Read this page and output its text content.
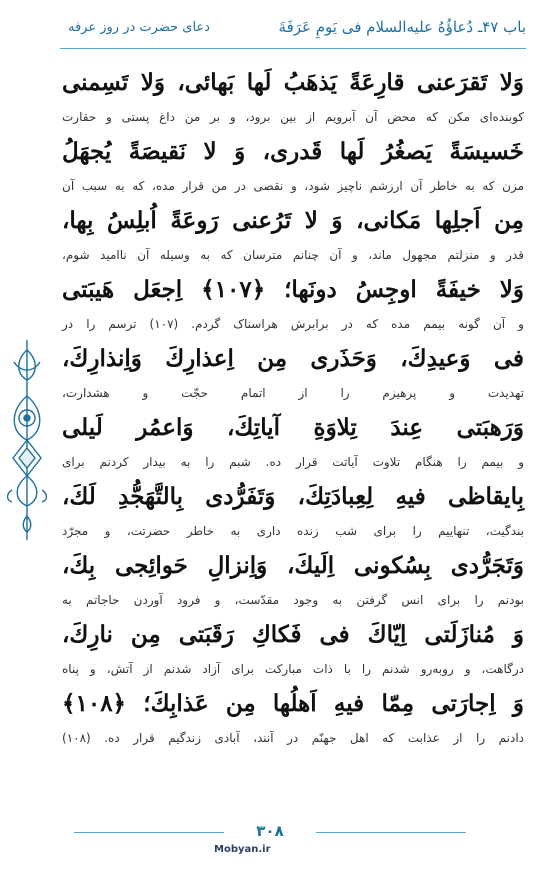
باب ۴۷ـ دُعاؤُهُ عليه‌السلام فى يَومِ عَرَفَةَ
دعای حضرت در روز عرفه
وَلا تَقرَعنی قارِعَةً يَذهَبُ لَها بَهائی، وَلا تَسِمنی
کوبنده‌ای مکن که محض آن آبرویم از بین برود، و بر من داغ پستی و حقارت
خَسيسَةً يَصغُرُ لَها قَدری، وَ لا نَقيصَةً يُجهَلُ
مزن که به خاطر آن ارزشم ناچیز شود، و نقصی در من قرار مده، که به سبب آن
مِن اَجلِها مَكانی، وَ لا تَرُعنی رَوعَةً اُبلِسُ بِها،
قدر و منزلتم مجهول ماند، و آن چنانم مترسان که به وسیله آن ناامید شوم،
وَلا خيفَةً اوجِسُ دونَها؛ ﴿۱۰۷﴾ اِجعَل هَيبَتی
و آن گونه بیمم مده که در برابرش هراسناک گردم. (۱۰۷) ترسم را در
فی وَعيدِكَ، وَحَذَری مِن اِعذارِكَ وَاِنذارِكَ،
تهدیدت و پرهیزم را از اتمام حجّت و هشدارت،
وَرَهبَتی عِندَ تِلاوَةِ آياتِكَ، وَاعمُر لَيلی
و بیمم را هنگام تلاوت آیاتت قرار ده. شبم را به بیدار کردنم برای
بِايقاظی فيهِ لِعِبادَتِكَ، وَتَفَرُّدی بِالتَّهَجُّدِ لَكَ،
بندگیت، تنهاییم را برای شب زنده داری به خاطر حضرتت، و مجرّد
وَتَجَرُّدی بِسُكونی اِلَيكَ، وَاِنزالِ حَوائِجی بِكَ،
بودنم را برای انس گرفتن به وجود مقدّست، و فرود آوردن حاجاتم به
وَ مُنازَلَتی اِيّاكَ فی فَكاكِ رَقَبَتی مِن نارِكَ،
درگاهت، و روبه‌رو شدنم را با ذات مبارکت برای آزاد شدنم از آتش، و پناه
وَ اِجارَتی مِمّا فيهِ اَهلُها مِن عَذابِكَ؛ ﴿۱۰۸﴾
دادنم را از عذابت که اهل جهنّم در آنند، آبادی زندگیم قرار ده. (۱۰۸)
۳۰۸
Mobyan.ir
